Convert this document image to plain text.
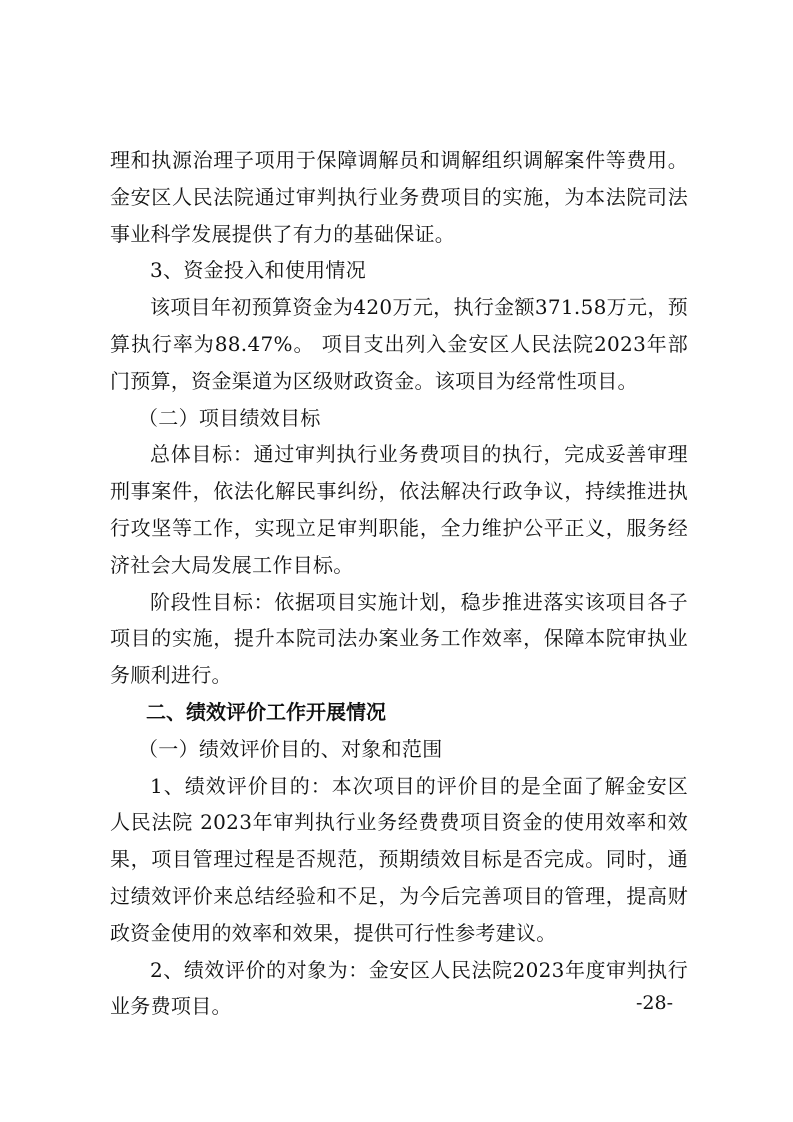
理和执源治理子项用于保障调解员和调解组织调解案件等费用。金安区人民法院通过审判执行业务费项目的实施，为本法院司法事业科学发展提供了有力的基础保证。

3、资金投入和使用情况

该项目年初预算资金为420万元，执行金额371.58万元，预算执行率为88.47%。 项目支出列入金安区人民法院2023年部门预算，资金渠道为区级财政资金。该项目为经常性项目。

（二）项目绩效目标

总体目标：通过审判执行业务费项目的执行，完成妥善审理刑事案件，依法化解民事纠纷，依法解决行政争议，持续推进执行攻坚等工作，实现立足审判职能，全力维护公平正义，服务经济社会大局发展工作目标。

阶段性目标：依据项目实施计划，稳步推进落实该项目各子项目的实施，提升本院司法办案业务工作效率，保障本院审执业务顺利进行。

二、绩效评价工作开展情况

（一）绩效评价目的、对象和范围

1、绩效评价目的：本次项目的评价目的是全面了解金安区人民法院 2023年审判执行业务经费费项目资金的使用效率和效果，项目管理过程是否规范，预期绩效目标是否完成。同时，通过绩效评价来总结经验和不足，为今后完善项目的管理，提高财政资金使用的效率和效果，提供可行性参考建议。

2、绩效评价的对象为：金安区人民法院2023年度审判执行业务费项目。	-28-
